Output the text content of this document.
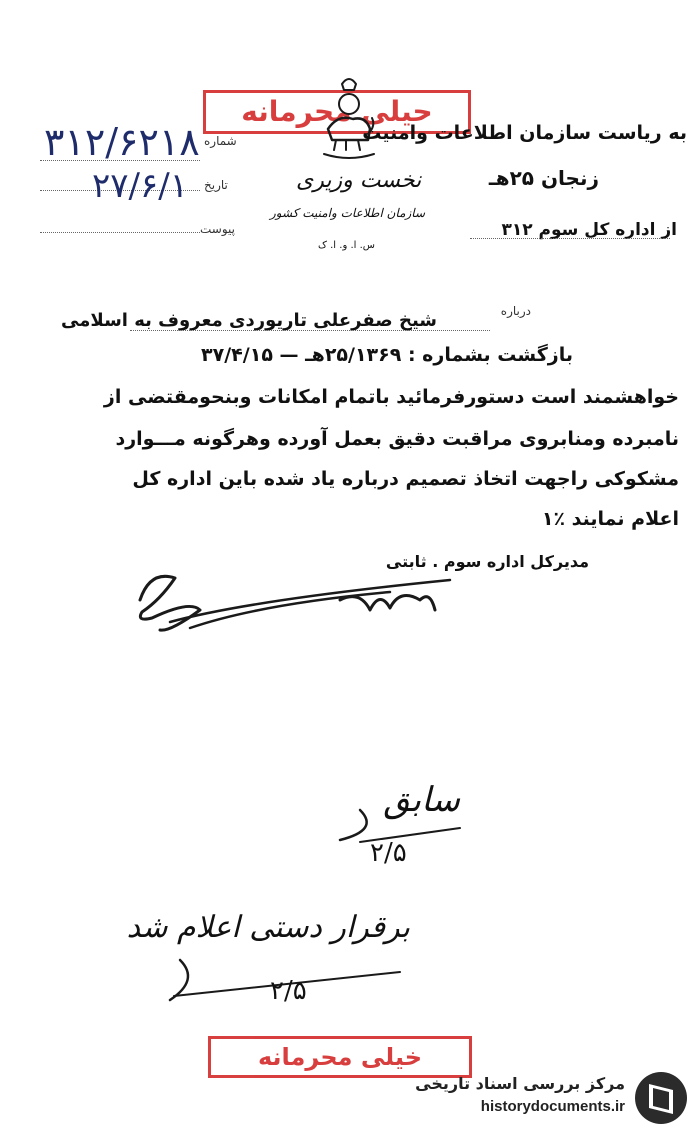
حیلی محرمانه
به ریاست سازمان اطلاعات وامنیت
شماره
۳۱۲/۶۲۱۸
تاریخ
۲۷/۶/۱
پیوست
نخست وزیری
سازمان اطلاعات وامنیت کشور
س. ا. و. ا. ک
زنجان ۲۵هـ
از اداره کل سوم ۳۱۲
درباره
شیخ صفرعلی تاریوردی معروف به اسلامی
بازگشت بشماره : ۲۵/۱۳۶۹هـ — ۳۷/۴/۱۵
خواهشمند است دستورفرمائید باتمام امکانات وبنحومقتضی از
نامبرده ومنابروی مراقبت دقیق بعمل آورده وهرگونه مـــوارد
مشکوکی راجهت اتخاذ تصمیم درباره یاد شده باین اداره کل
اعلام نمایند ٪۱
مدیرکل اداره سوم . ثابتی
سابق
۲/۵
برقرار دستی اعلام شد
۲/۵
خیلی محرمانه
مرکز بررسی اسناد تاریخی
historydocuments.ir
